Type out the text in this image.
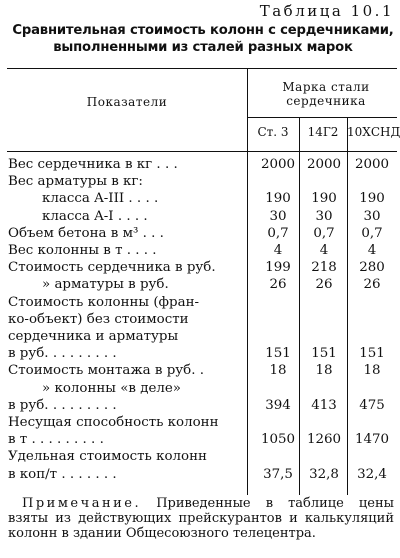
Таблица 10.1
Сравнительная стоимость колонн с сердечниками, выполненными из сталей разных марок
Показатели
Марка стали сердечника
Ст. 3	14Г2 10ХСНД
Вес сердечника в кг . . .	2000 2000	2000
Вес арматуры в кг:
класса A-III . . . .	190	190	190
класса A-I . . . .	30	30	30
Объем бетона в м³ . . .	0,7	0,7	0,7
Вес колонны в т . . . .	4	4	4
Стоимость сердечника в руб.	199	218	280
» арматуры в руб.	26	26	26
Стоимость колонны (фран-
ко-объект) без стоимости
сердечника и арматуры
в руб. . . . . . . . .	151	151	151
Стоимость монтажа в руб. .	18	18	18
» колонны «в деле»
в руб. . . . . . . . .	394	413	475
Несущая способность колонн
в т . . . . . . . . .	1050 1260	1470
Удельная стоимость колонн
в коп/т . . . . . . .	37,5	32,8	32,4
Примечание. Приведенные в таблице цены взяты из действующих прейскурантов и калькуляций колонн в здании Общесоюзного телецентра.
